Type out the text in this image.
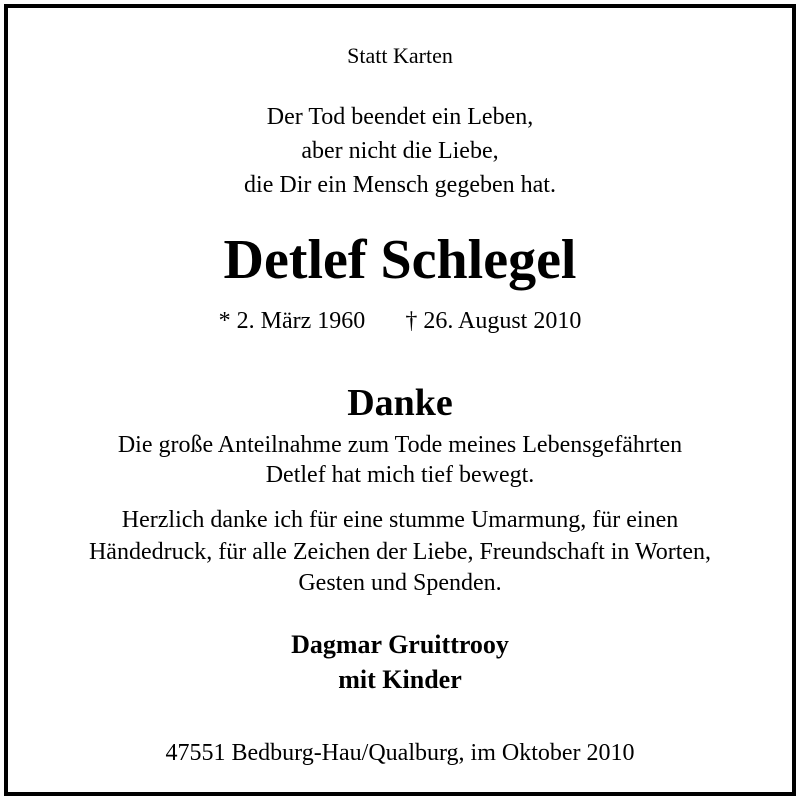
Statt Karten
Der Tod beendet ein Leben,
aber nicht die Liebe,
die Dir ein Mensch gegeben hat.
Detlef Schlegel
* 2. März 1960 † 26. August 2010
Danke
Die große Anteilnahme zum Tode meines Lebensgefährten
Detlef hat mich tief bewegt.
Herzlich danke ich für eine stumme Umarmung, für einen
Händedruck, für alle Zeichen der Liebe, Freundschaft in Worten,
Gesten und Spenden.
Dagmar Gruittrooy
mit Kinder
47551 Bedburg-Hau/Qualburg, im Oktober 2010
